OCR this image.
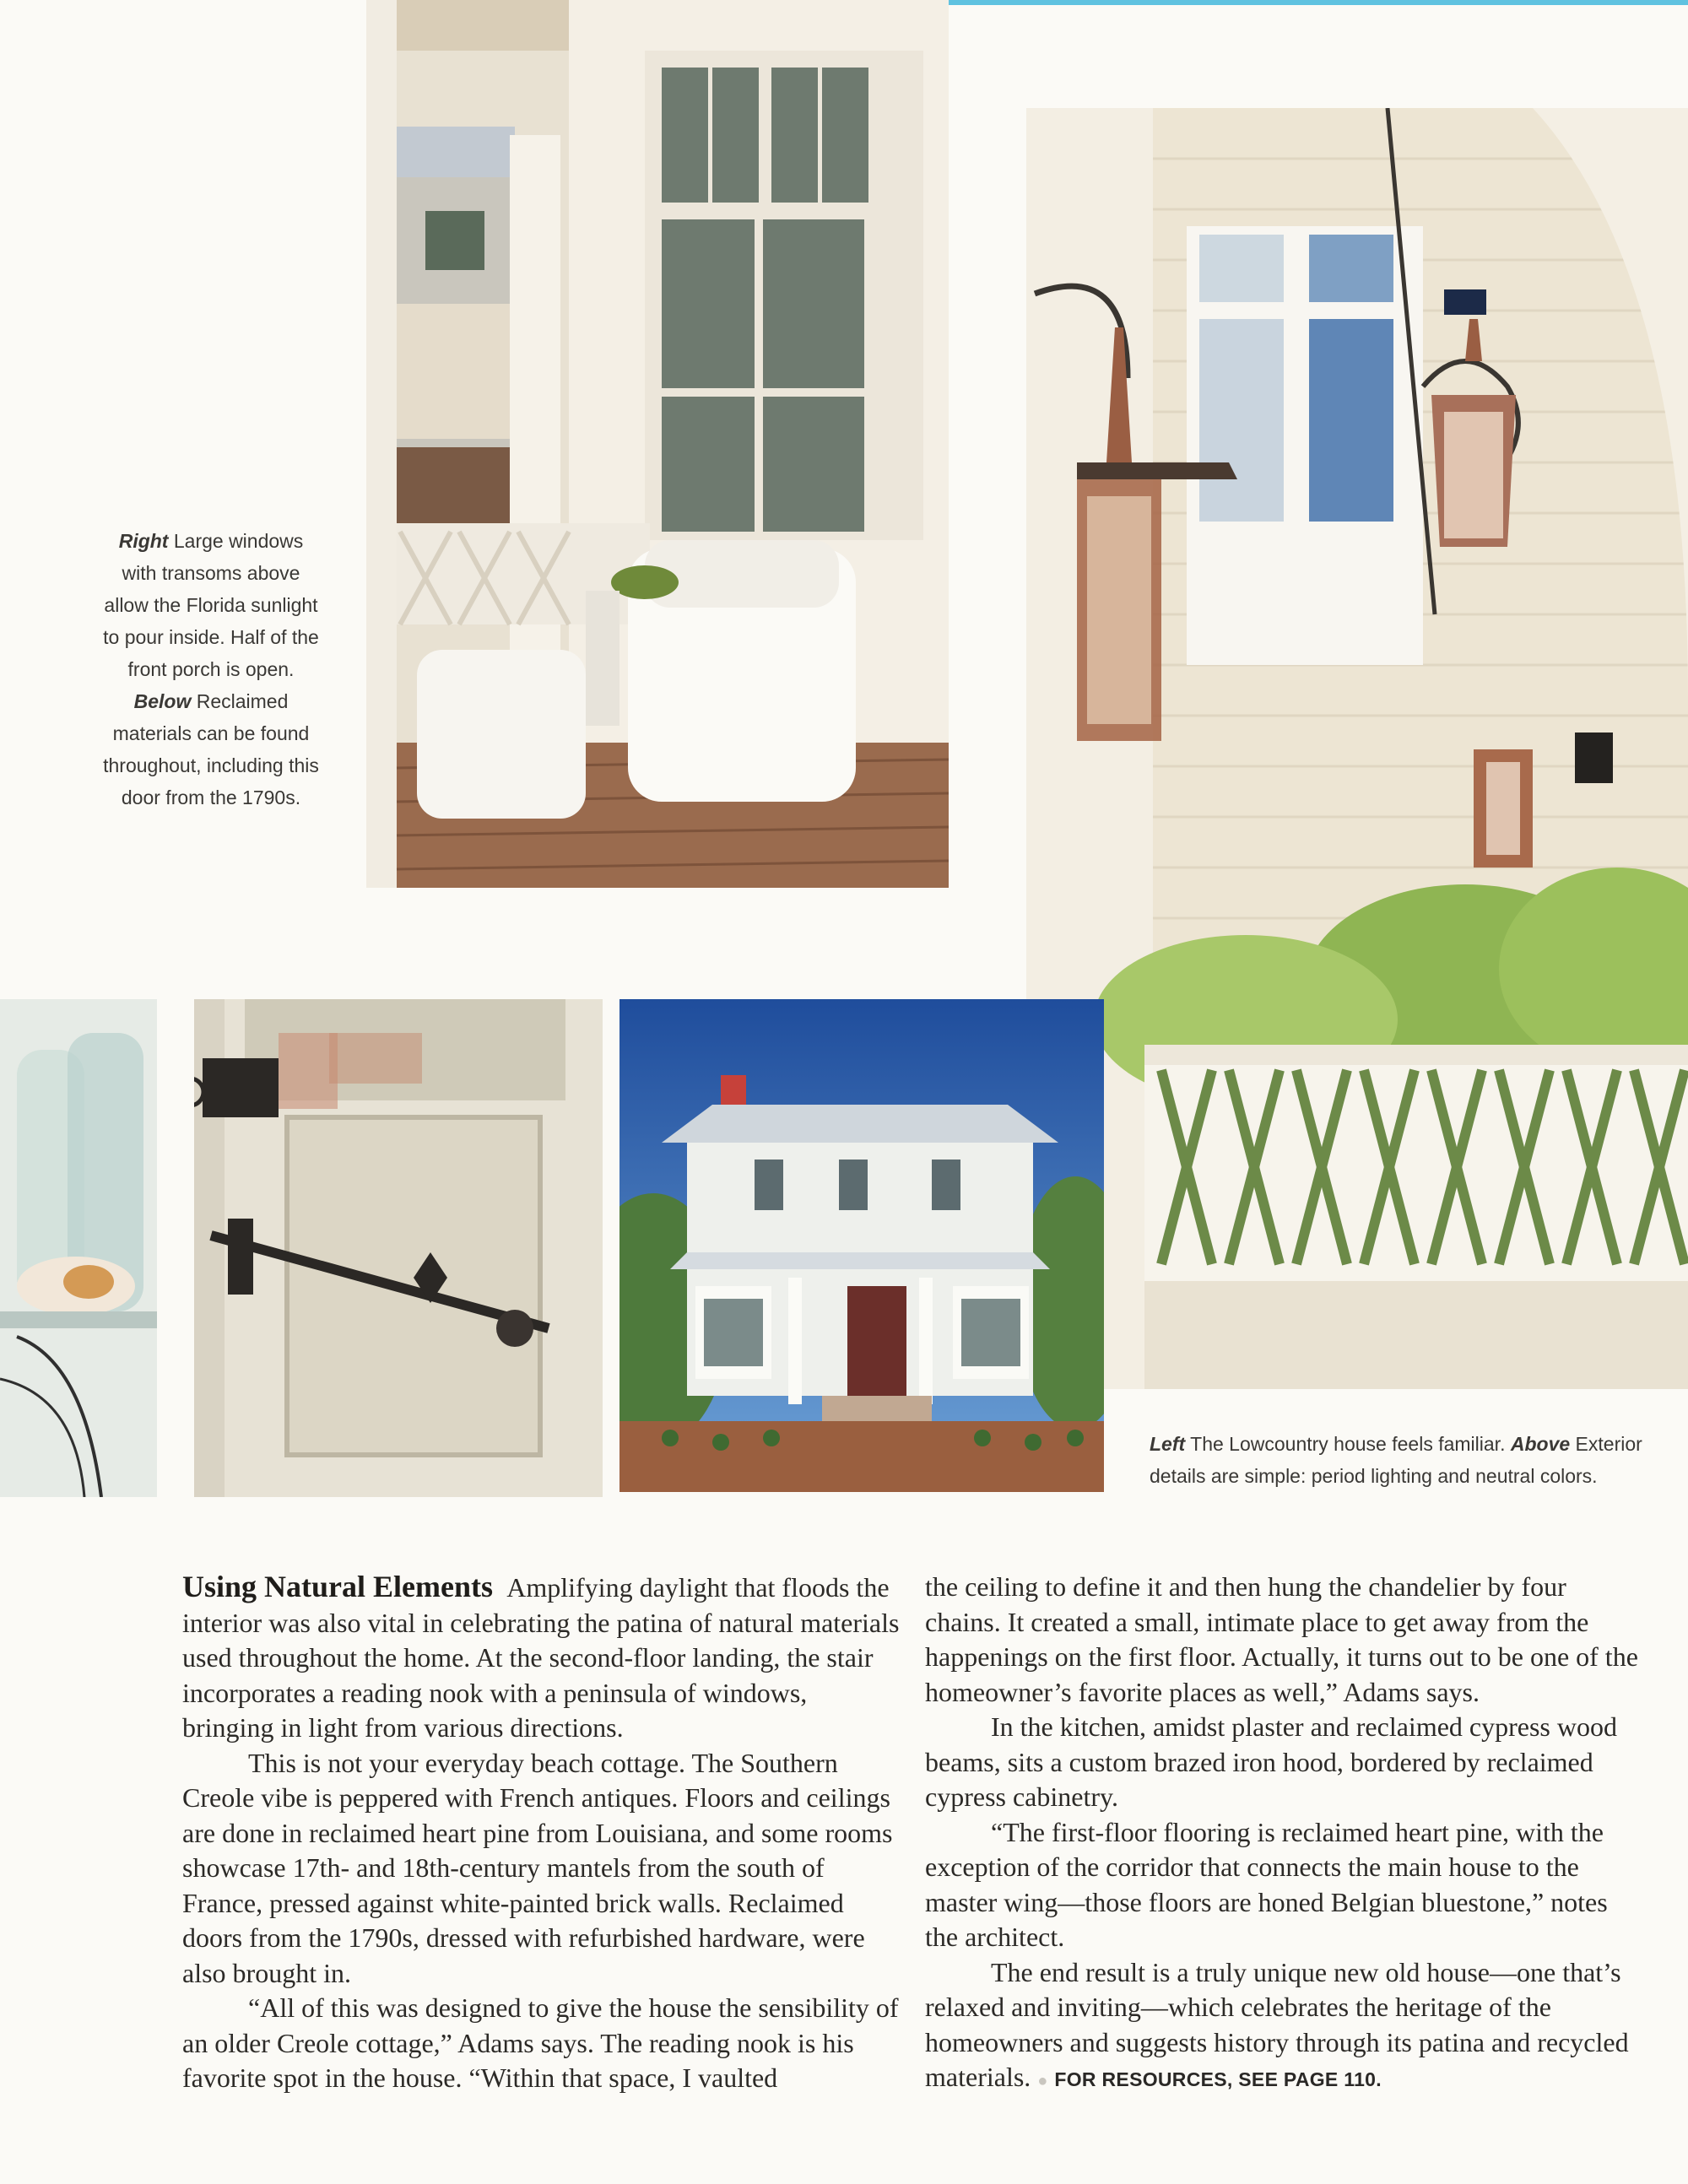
Right Large windows with transoms above allow the Florida sunlight to pour inside. Half of the front porch is open. Below Reclaimed materials can be found throughout, including this door from the 1790s.
Left The Lowcountry house feels familiar. Above Exterior details are simple: period lighting and neutral colors.

Using Natural Elements Amplifying daylight that floods the interior was also vital in celebrating the patina of natural materials used throughout the home. At the second-floor landing, the stair incorporates a reading nook with a peninsula of windows, bringing in light from various directions.

This is not your everyday beach cottage. The Southern Creole vibe is peppered with French antiques. Floors and ceilings are done in reclaimed heart pine from Louisiana, and some rooms showcase 17th- and 18th-century mantels from the south of France, pressed against white-painted brick walls. Reclaimed doors from the 1790s, dressed with refurbished hardware, were also brought in.

“All of this was designed to give the house the sensibility of an older Creole cottage,” Adams says. The reading nook is his favorite spot in the house. “Within that space, I vaulted

the ceiling to define it and then hung the chandelier by four chains. It created a small, intimate place to get away from the happenings on the first floor. Actually, it turns out to be one of the homeowner’s favorite places as well,” Adams says.

In the kitchen, amidst plaster and reclaimed cypress wood beams, sits a custom brazed iron hood, bordered by reclaimed cypress cabinetry.

“The first-floor flooring is reclaimed heart pine, with the exception of the corridor that connects the main house to the master wing—those floors are honed Belgian bluestone,” notes the architect.

The end result is a truly unique new old house—one that’s relaxed and inviting—which celebrates the heritage of the homeowners and suggests history through its patina and recycled materials. ● FOR RESOURCES, SEE PAGE 110.
